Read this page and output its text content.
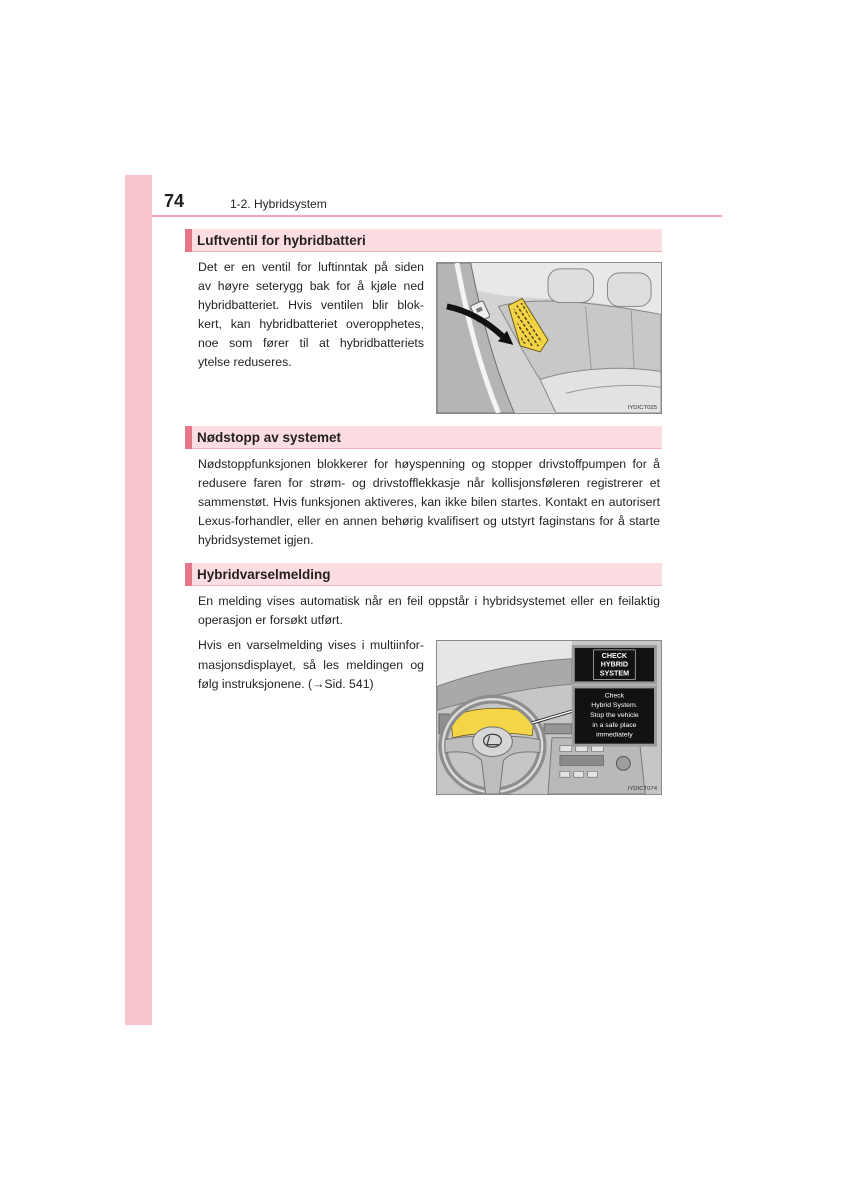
74	1-2. Hybridsystem
Luftventil for hybridbatteri
Det er en ventil for luftinntak på siden
av høyre seterygg bak for å kjøle ned
hybridbatteriet. Hvis ventilen blir blok-
kert, kan hybridbatteriet overopphetes,
noe som fører til at hybridbatteriets
ytelse reduseres.
IYDICT025
Nødstopp av systemet
Nødstoppfunksjonen blokkerer for høyspenning og stopper drivstoffpumpen for å
redusere faren for strøm- og drivstofflekkasje når kollisjonsføleren registrerer et
sammenstøt. Hvis funksjonen aktiveres, kan ikke bilen startes. Kontakt en autorisert
Lexus-forhandler, eller en annen behørig kvalifisert og utstyrt faginstans for å starte
hybridsystemet igjen.
Hybridvarselmelding
En melding vises automatisk når en feil oppstår i hybridsystemet eller en feilaktig
operasjon er forsøkt utført.
Hvis en varselmelding vises i multiinfor-
masjonsdisplayet, så les meldingen og
følg instruksjonene. (→Sid. 541)
CHECK
HYBRID
SYSTEM
Check
Hybrid System.
Stop the vehicle
in a safe place
immediately
IYDICT074
